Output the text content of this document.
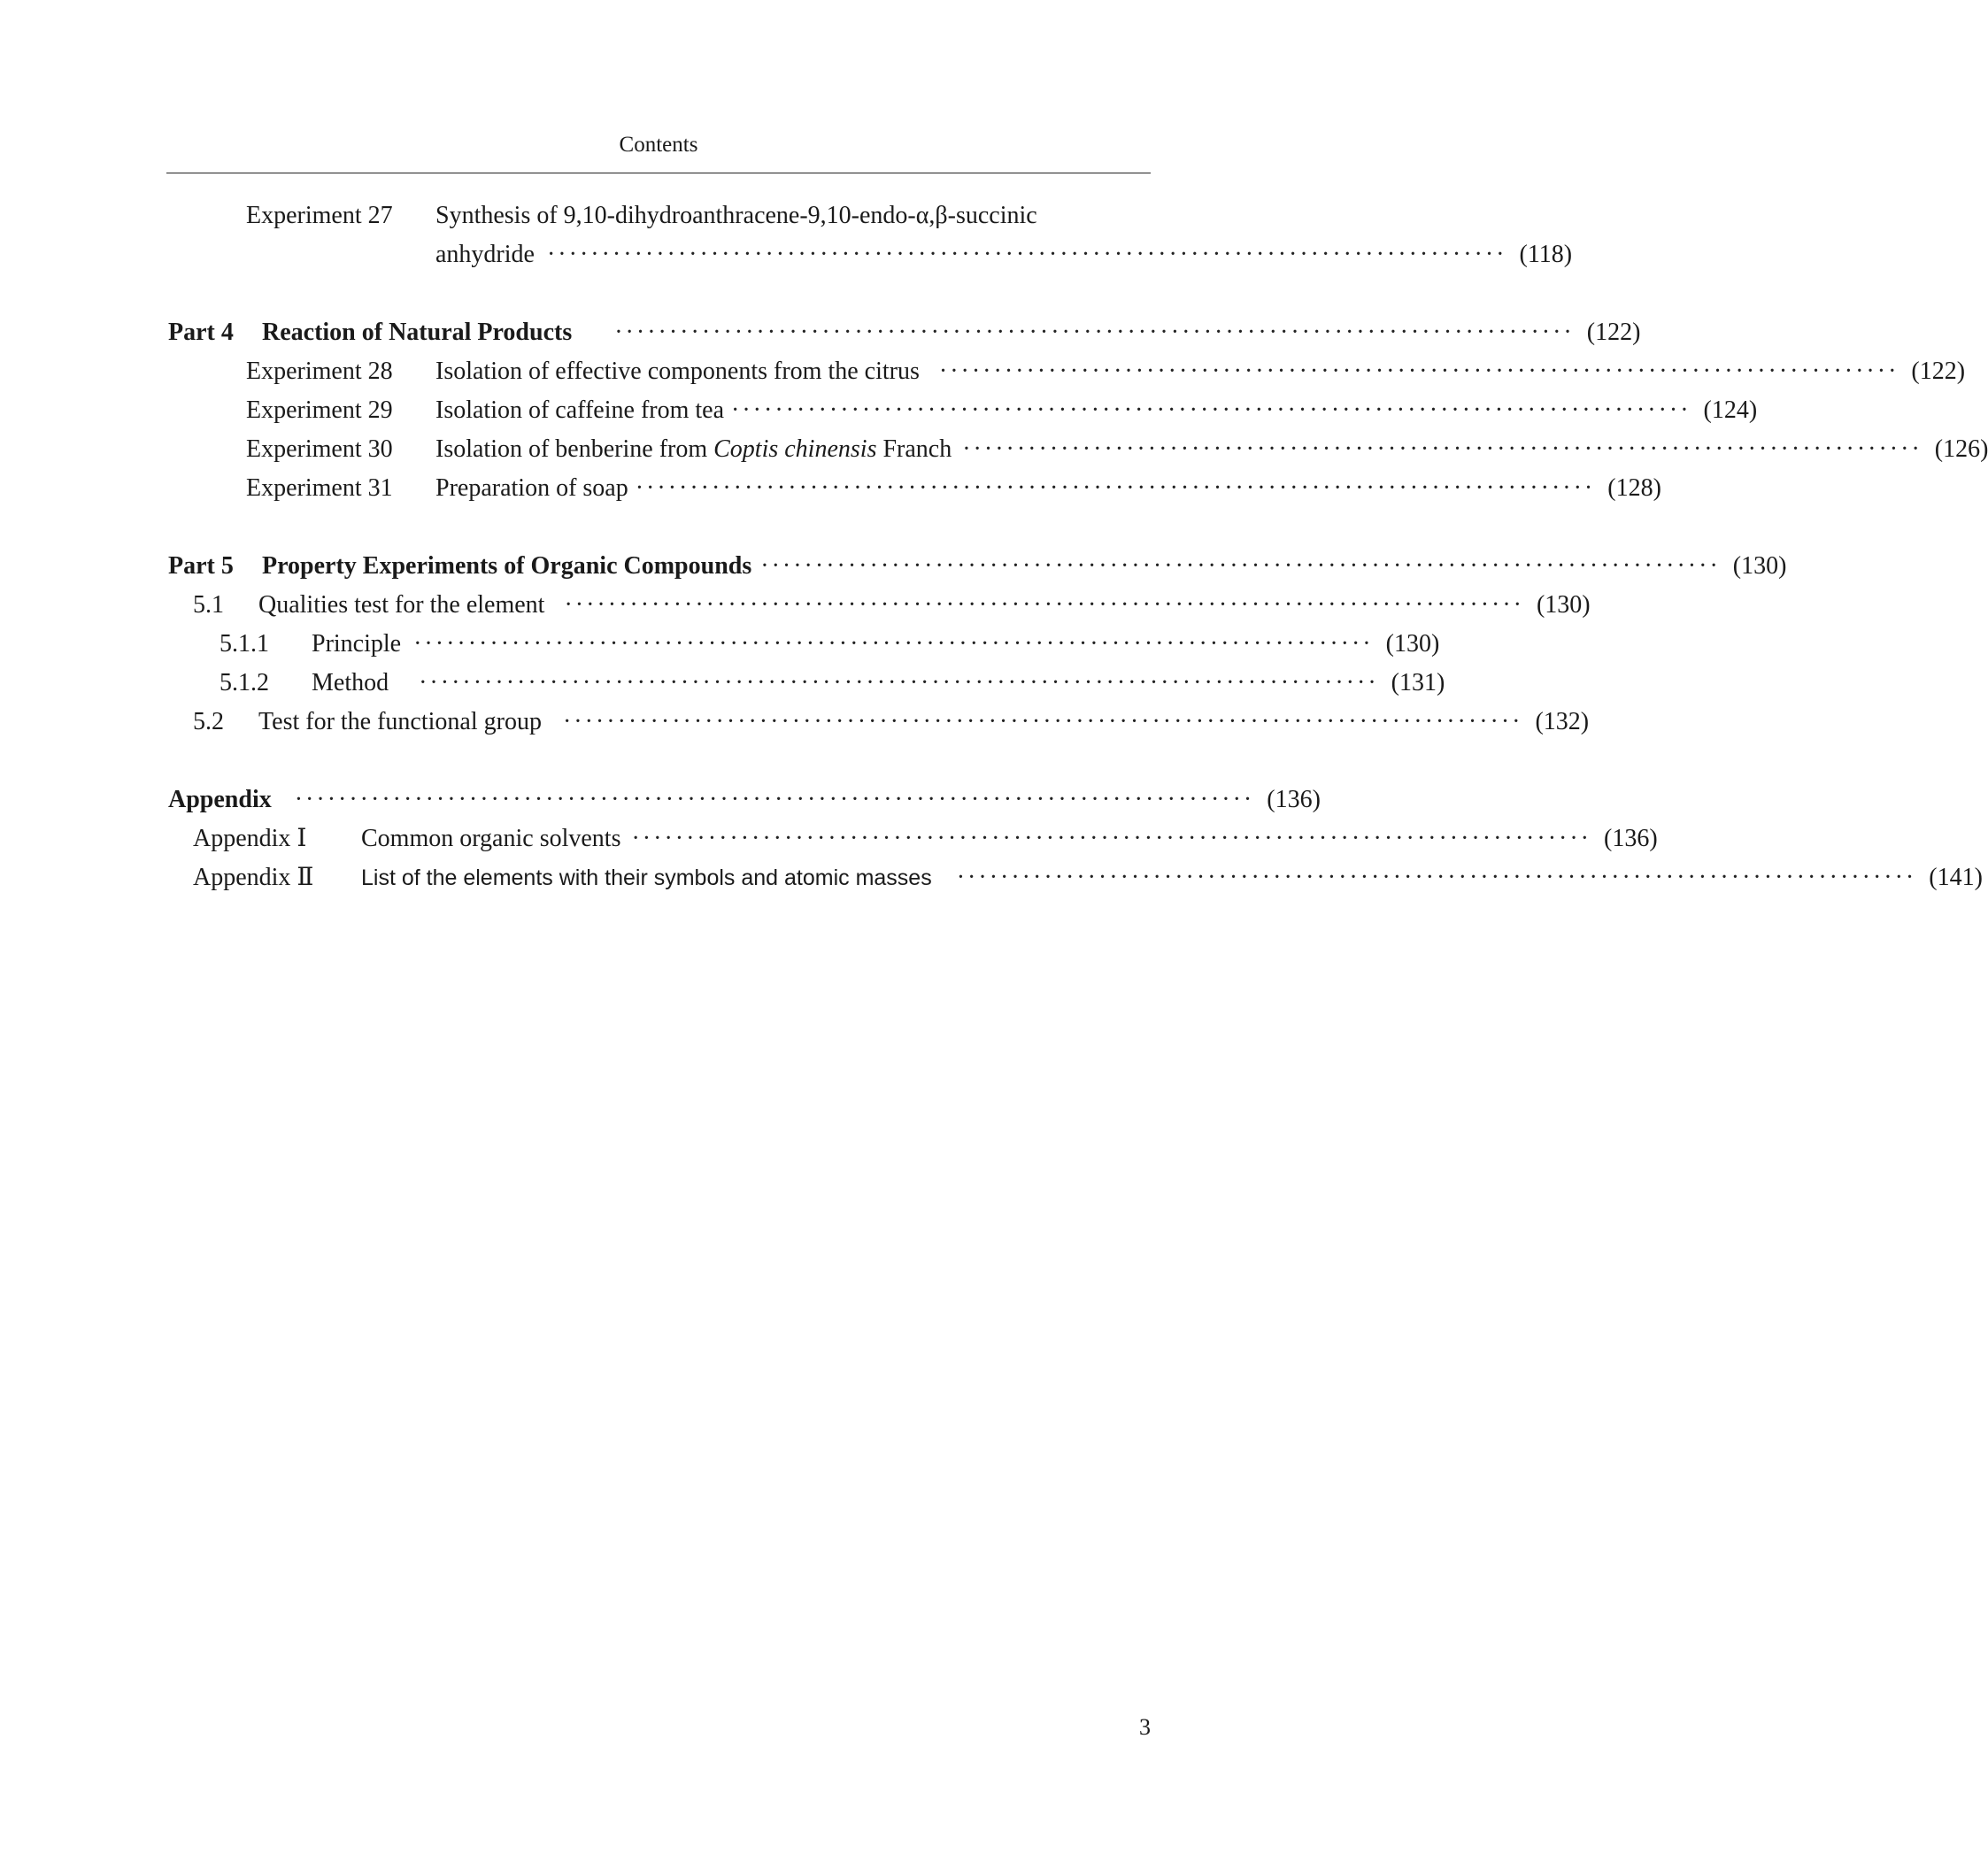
Contents
Experiment 27	Synthesis of 9,10-dihydroanthracene-9,10-endo-α,β-succinic
anhydride ························································································ (118)
Part 4	Reaction of Natural Products ························································································ (122)
Experiment 28	Isolation of effective components from the citrus ························································································ (122)
Experiment 29	Isolation of caffeine from tea ························································································ (124)
Experiment 30	Isolation of benberine from Coptis chinensis Franch ························································································ (126)
Experiment 31	Preparation of soap ························································································ (128)
Part 5	Property Experiments of Organic Compounds ························································································ (130)
5.1	Qualities test for the element ························································································ (130)
5.1.1	Principle ························································································ (130)
5.1.2	Method ························································································ (131)
5.2	Test for the functional group ························································································ (132)
Appendix ························································································ (136)
Appendix Ⅰ	Common organic solvents ························································································ (136)
Appendix Ⅱ	List of the elements with their symbols and atomic masses ························································································ (141)
3
